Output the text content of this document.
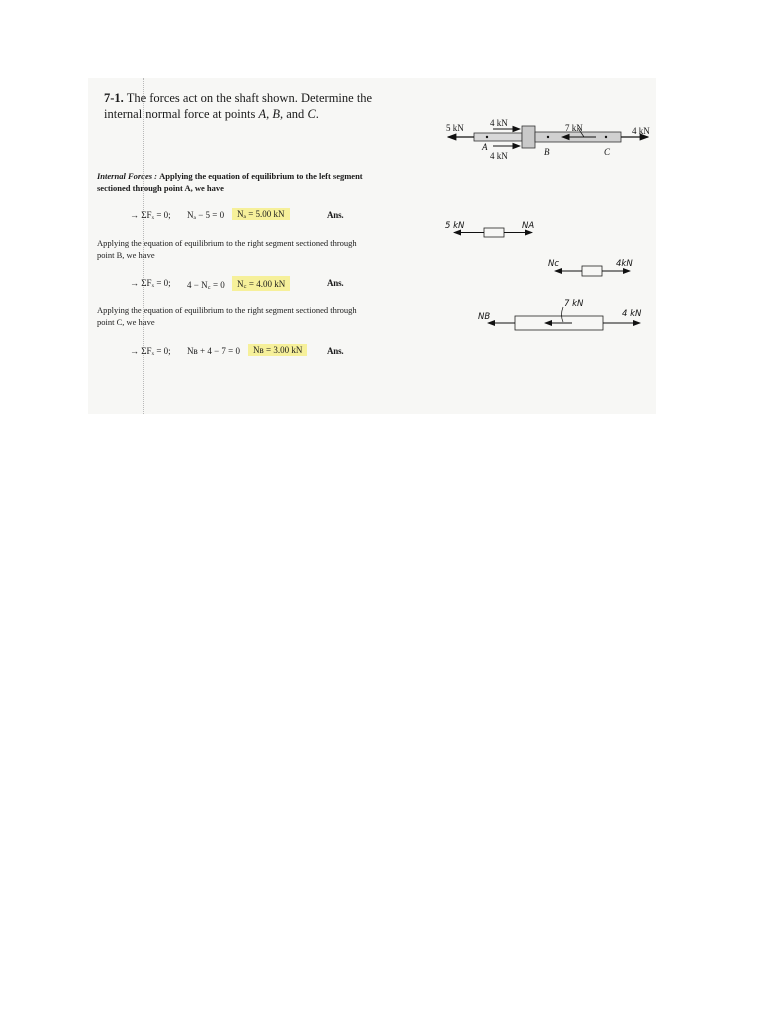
7-1. The forces act on the shaft shown. Determine the
internal normal force at points A, B, and C.
Internal Forces : Applying the equation of equilibrium to the left segment
sectioned through point A, we have
→ ΣFₓ = 0; Nₐ − 5 = 0	Nₐ = 5.00 kN	Ans.
Applying the equation of equilibrium to the right segment sectioned through
point B, we have
→ ΣFₓ = 0; 4 − N꜀ = 0	N꜀ = 4.00 kN	Ans.
Applying the equation of equilibrium to the right segment sectioned through
point C, we have
→ ΣFₓ = 0; Nʙ + 4 − 7 = 0	Nʙ = 3.00 kN	Ans.
5 kN	4 kN
4 kN
7 kN	4 kN
A	B	C
5 kN	NA
Nc	4kN
NB
7 kN
4 kN
